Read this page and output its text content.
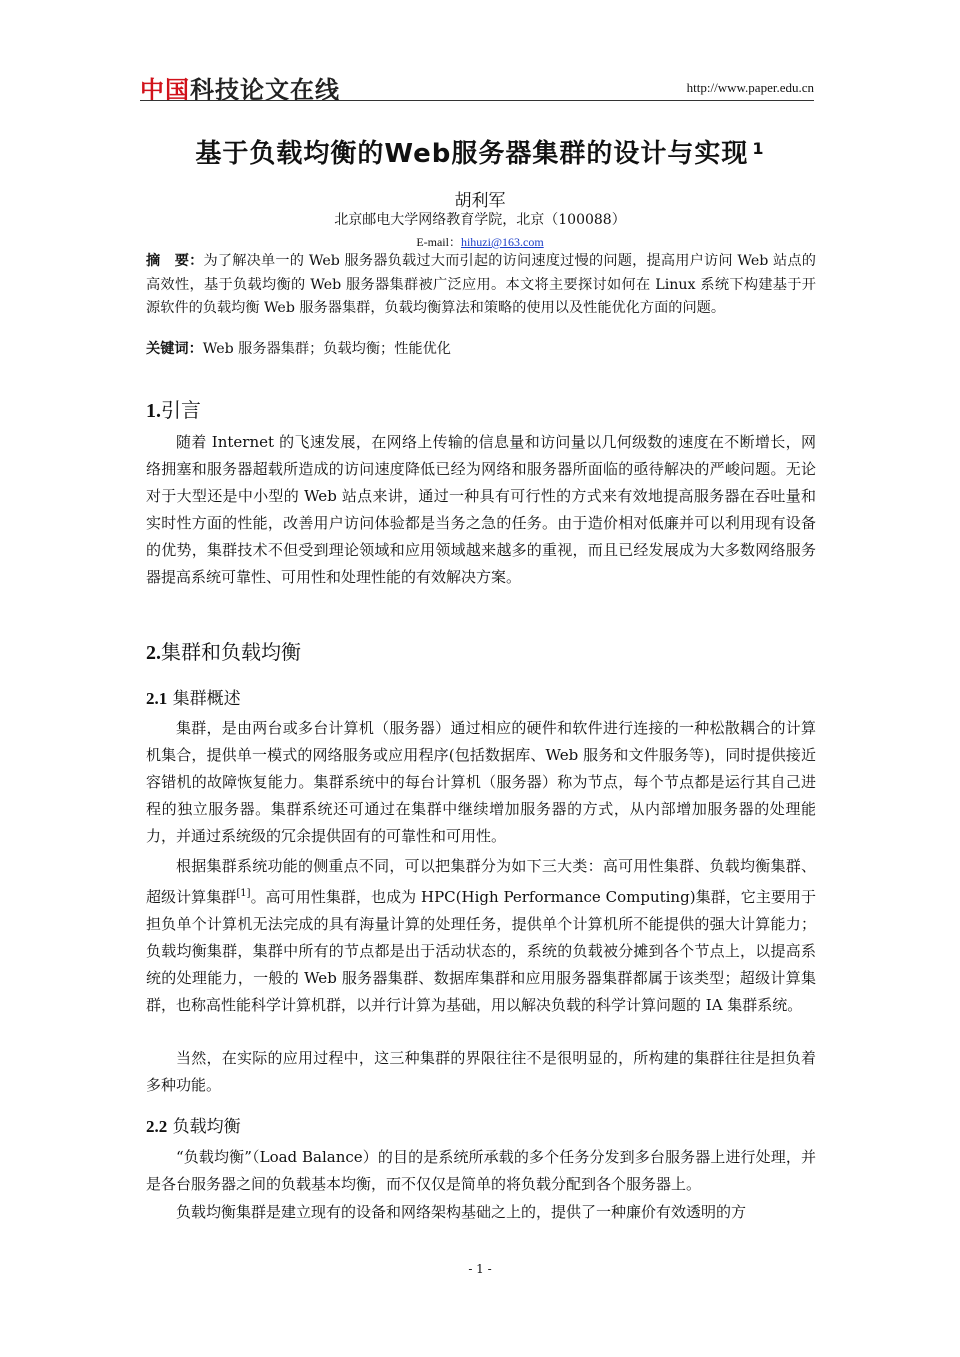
中国科技论文在线	http://www.paper.edu.cn
基于负载均衡的Web服务器集群的设计与实现 $^1$
胡利军
北京邮电大学网络教育学院，北京（100088）
E-mail：hihuzi@163.com
摘　要：为了解决单一的 Web 服务器负载过大而引起的访问速度过慢的问题，提高用户访问 Web 站点的高效性，基于负载均衡的 Web 服务器集群被广泛应用。本文将主要探讨如何在 Linux 系统下构建基于开源软件的负载均衡 Web 服务器集群，负载均衡算法和策略的使用以及性能优化方面的问题。
关键词：Web 服务器集群；负载均衡；性能优化
1.引言

随着 Internet 的飞速发展，在网络上传输的信息量和访问量以几何级数的速度在不断增长，网络拥塞和服务器超载所造成的访问速度降低已经为网络和服务器所面临的亟待解决的严峻问题。无论对于大型还是中小型的 Web 站点来讲，通过一种具有可行性的方式来有效地提高服务器在吞吐量和实时性方面的性能，改善用户访问体验都是当务之急的任务。由于造价相对低廉并可以利用现有设备的优势，集群技术不但受到理论领域和应用领域越来越多的重视，而且已经发展成为大多数网络服务器提高系统可靠性、可用性和处理性能的有效解决方案。

2.集群和负载均衡
2.1 集群概述

集群，是由两台或多台计算机（服务器）通过相应的硬件和软件进行连接的一种松散耦合的计算机集合，提供单一模式的网络服务或应用程序(包括数据库、Web 服务和文件服务等)，同时提供接近容错机的故障恢复能力。集群系统中的每台计算机（服务器）称为节点，每个节点都是运行其自己进程的独立服务器。集群系统还可通过在集群中继续增加服务器的方式，从内部增加服务器的处理能力，并通过系统级的冗余提供固有的可靠性和可用性。

根据集群系统功能的侧重点不同，可以把集群分为如下三大类：高可用性集群、负载均衡集群、超级计算集群[1]。高可用性集群，也成为 HPC(High Performance Computing)集群，它主要用于担负单个计算机无法完成的具有海量计算的处理任务，提供单个计算机所不能提供的强大计算能力；负载均衡集群，集群中所有的节点都是出于活动状态的，系统的负载被分摊到各个节点上，以提高系统的处理能力，一般的 Web 服务器集群、数据库集群和应用服务器集群都属于该类型；超级计算集群，也称高性能科学计算机群，以并行计算为基础，用以解决负载的科学计算问题的 IA 集群系统。

当然，在实际的应用过程中，这三种集群的界限往往不是很明显的，所构建的集群往往是担负着多种功能。

2.2 负载均衡

“负载均衡”（Load Balance）的目的是系统所承载的多个任务分发到多台服务器上进行处理，并是各台服务器之间的负载基本均衡，而不仅仅是简单的将负载分配到各个服务器上。

负载均衡集群是建立现有的设备和网络架构基础之上的，提供了一种廉价有效透明的方

- 1 -
